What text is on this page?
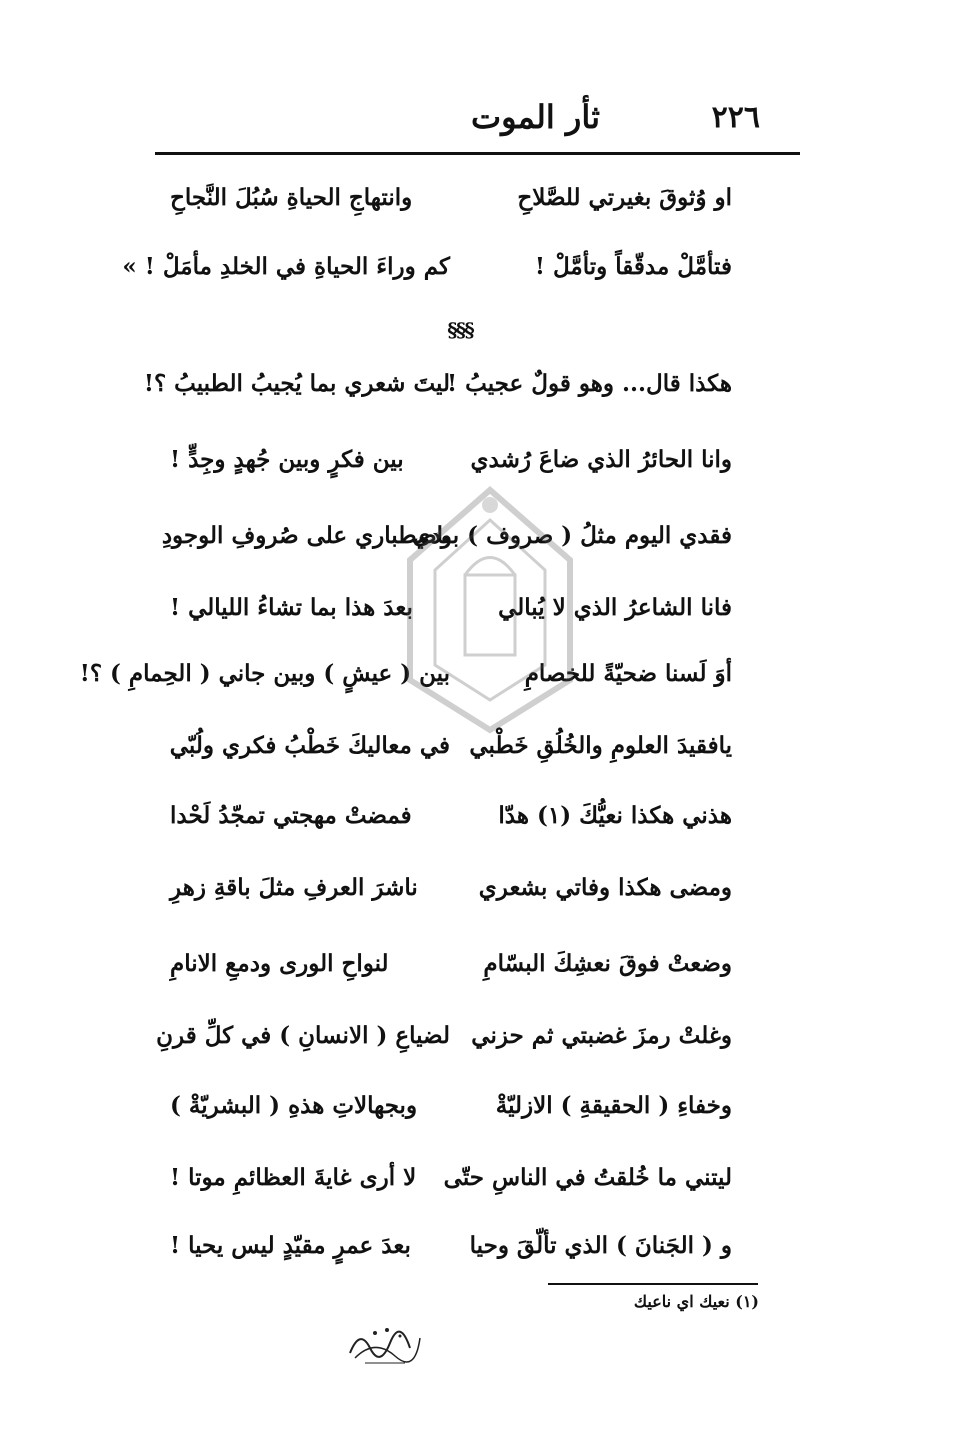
٢٢٦
ثأر الموت
او وُثوقَ بغيرتي للصَّلاحِ
وانتهاجِ الحياةِ سُبُلَ النَّجاحِ
فتأمَّلْ مدقّقاً وتأمَّلْ !
كم وراءَ الحياةِ في الخلدِ مأمَلْ ! »
§§§
هكذا قال... وهو قولٌ عجيبُ !
ليتَ شعري بما يُجيبُ الطبيبُ ؟!
وانا الحائرُ الذي ضاعَ رُشدي
بين فكرٍ وبين جُهدٍ وجِدٍّ !
فقدي اليوم مثلُ ( صروف ) بودي
باصطباري على صُروفِ الوجودِ
فانا الشاعرُ الذي لا يُبالي
بعدَ هذا بما تشاءُ الليالي !
أوَ لَسنا ضحيّةً للخصامِ
بين ( عيشٍ ) وبين جاني ( الحِمامِ ) ؟!
يافقيدَ العلومِ والخُلُقِ خَطْبي
في معاليكَ خَطْبُ فكري ولُبّي
هذني هكذا نعيُّكَ (١) هدّا
فمضتْ مهجتي تمجّدُ لَحْدا
ومضى هكذا وفاتي بشعري
ناشرَ العرفِ مثلَ باقةِ زهرِ
وضعتْ فوقَ نعشِكَ البسّامِ
لنواحِ الورى ودمعِ الانامِ
وغلتْ رمزَ غضبتي ثم حزني
لضياعِ ( الانسانِ ) في كلِّ قرنِ
وخفاءِ ( الحقيقةِ ) الازليّةْ
وبجهالاتِ هذهِ ( البشريّةْ )
ليتني ما خُلقتُ في الناسِ حتّى
لا أرى غايةَ العظائمِ موتا !
و ( الجَنانَ ) الذي تألّقَ وحيا
بعدَ عمرٍ مقيّدٍ ليس يحيا !
(١) نعيك اي ناعيك
